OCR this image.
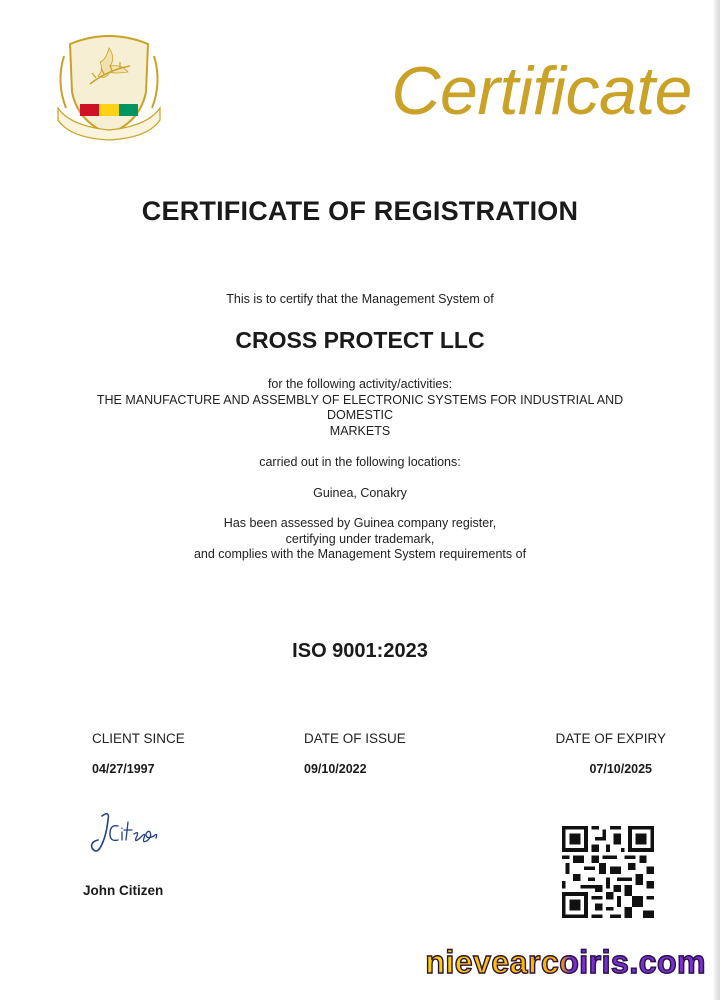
Certificate
CERTIFICATE OF REGISTRATION
This is to certify that the Management System of
CROSS PROTECT LLC
for the following activity/activities:
THE MANUFACTURE AND ASSEMBLY OF ELECTRONIC SYSTEMS FOR INDUSTRIAL AND
DOMESTIC
MARKETS
carried out in the following locations:
Guinea, Conakry
Has been assessed by Guinea company register,
certifying under trademark,
and complies with the Management System requirements of
ISO 9001:2023
CLIENT SINCE
04/27/1997
DATE OF ISSUE
09/10/2022
DATE OF EXPIRY
07/10/2025
John Citizen
nievearcoiris.com
